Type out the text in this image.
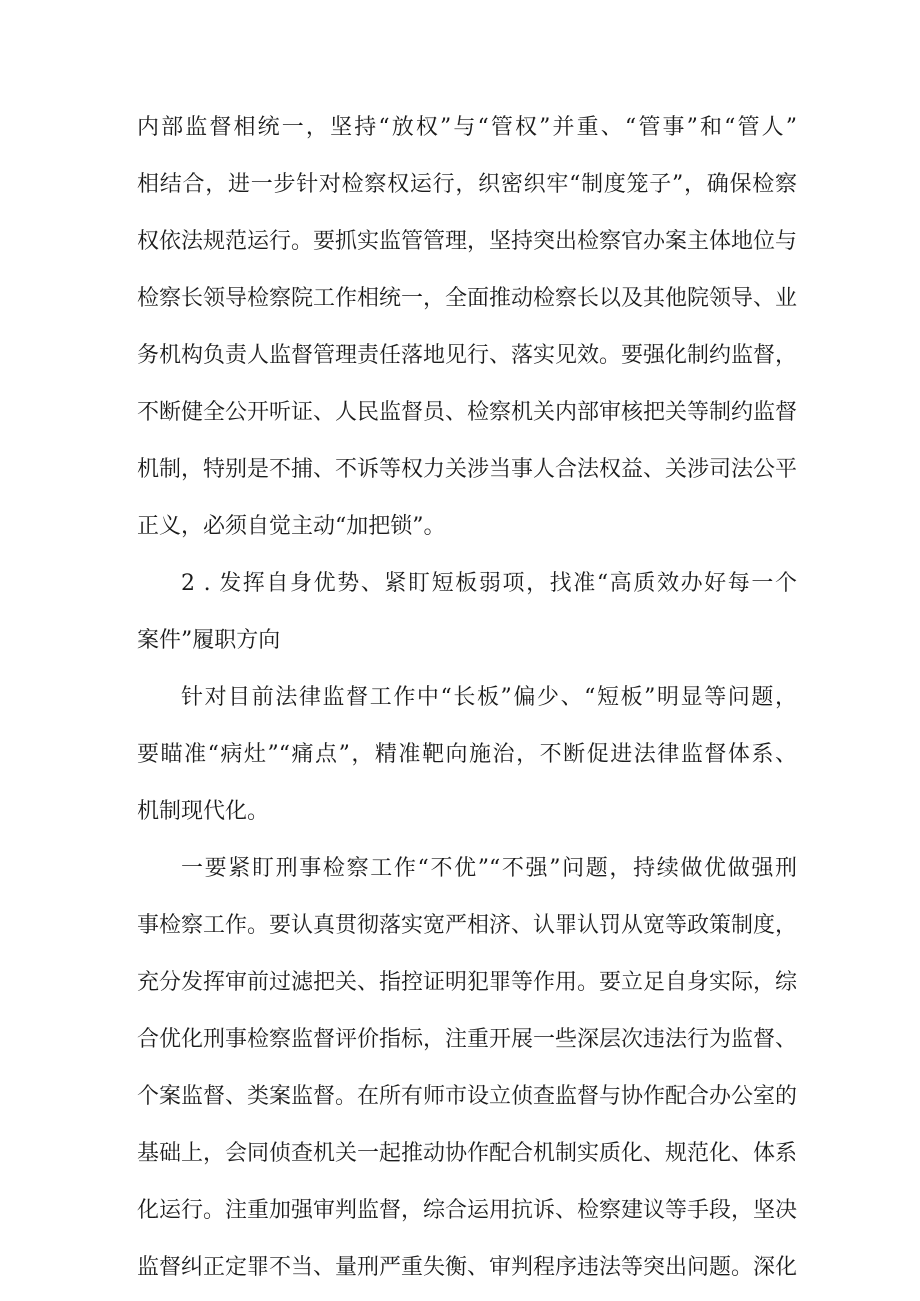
内部监督相统一，坚持“放权”与“管权”并重、“管事”和“管人”
相结合，进一步针对检察权运行，织密织牢“制度笼子”，确保检察
权依法规范运行。要抓实监管管理，坚持突出检察官办案主体地位与
检察长领导检察院工作相统一，全面推动检察长以及其他院领导、业
务机构负责人监督管理责任落地见行、落实见效。要强化制约监督，
不断健全公开听证、人民监督员、检察机关内部审核把关等制约监督
机制，特别是不捕、不诉等权力关涉当事人合法权益、关涉司法公平
正义，必须自觉主动“加把锁”。
2 . 发挥自身优势、紧盯短板弱项，找准“高质效办好每一个
案件”履职方向
针对目前法律监督工作中“长板”偏少、“短板”明显等问题，
要瞄准“病灶”“痛点”，精准靶向施治，不断促进法律监督体系、
机制现代化。
一要紧盯刑事检察工作“不优”“不强”问题，持续做优做强刑
事检察工作。要认真贯彻落实宽严相济、认罪认罚从宽等政策制度，
充分发挥审前过滤把关、指控证明犯罪等作用。要立足自身实际，综
合优化刑事检察监督评价指标，注重开展一些深层次违法行为监督、
个案监督、类案监督。在所有师市设立侦查监督与协作配合办公室的
基础上，会同侦查机关一起推动协作配合机制实质化、规范化、体系
化运行。注重加强审判监督，综合运用抗诉、检察建议等手段，坚决
监督纠正定罪不当、量刑严重失衡、审判程序违法等突出问题。深化
